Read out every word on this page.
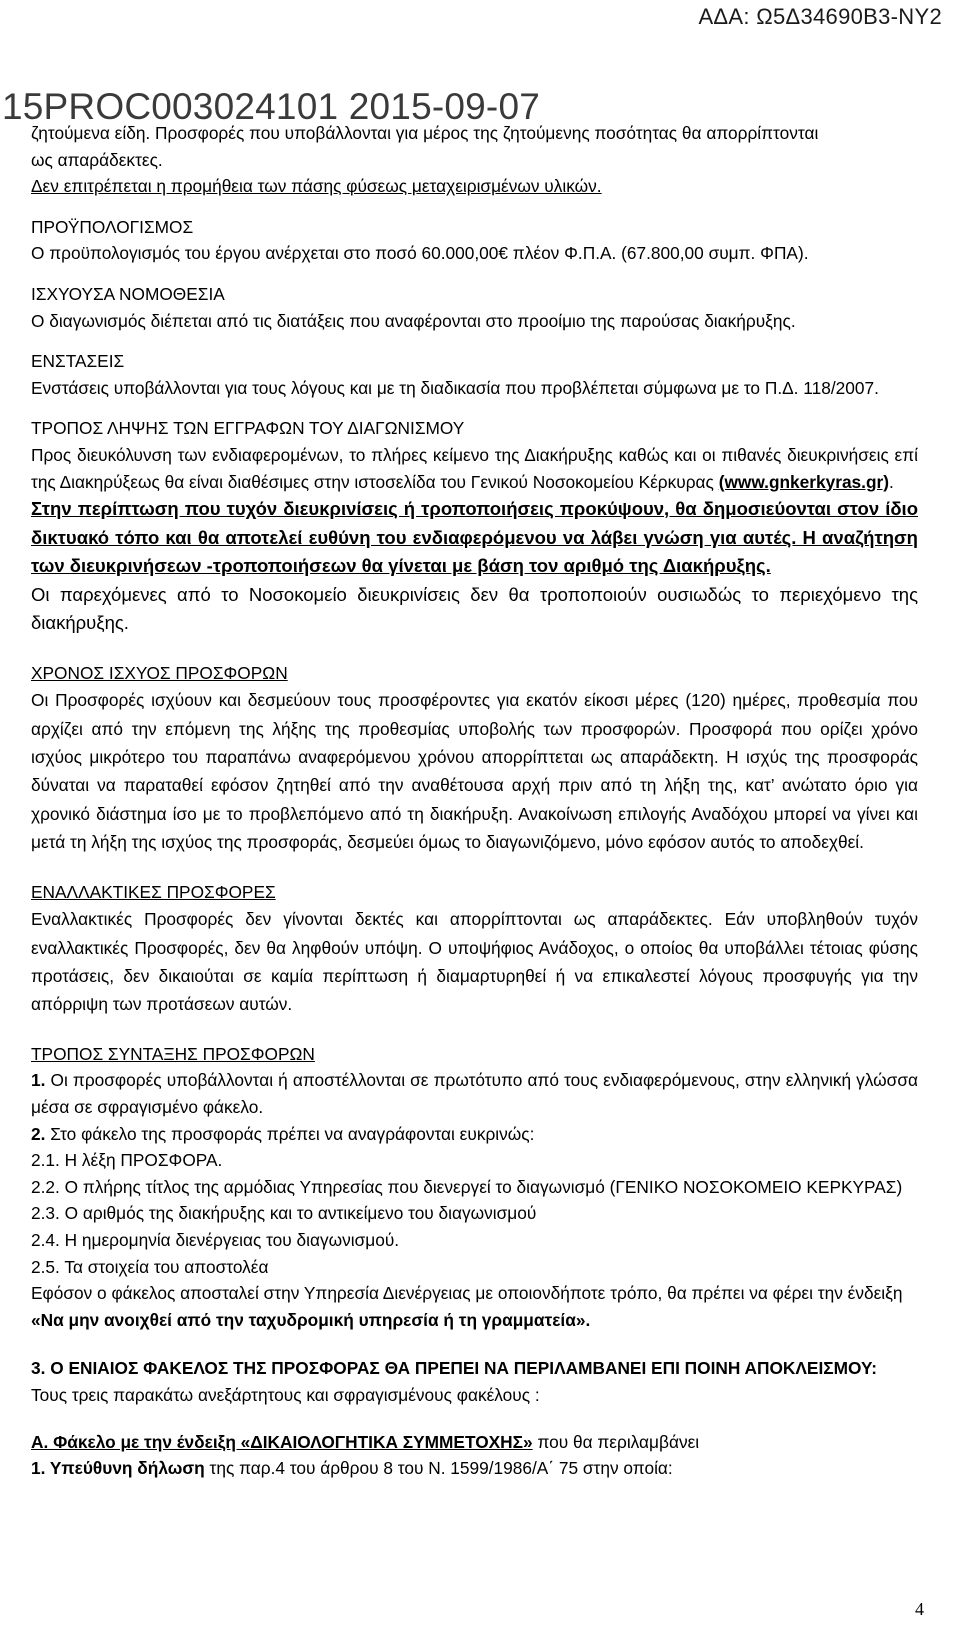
ΑΔΑ: Ω5Δ34690Β3-ΝΥ2
15PROC003024101 2015-09-07

ζητούμενα είδη. Προσφορές που υποβάλλονται για μέρος της ζητούμενης ποσότητας θα απορρίπτονται

ως απαράδεκτες.

Δεν επιτρέπεται η προμήθεια των πάσης φύσεως μεταχειρισμένων υλικών.

ΠΡΟΫΠΟΛΟΓΙΣΜΟΣ

Ο προϋπολογισμός του έργου ανέρχεται στο ποσό 60.000,00€ πλέον Φ.Π.Α. (67.800,00 συμπ. ΦΠΑ).

ΙΣΧΥΟΥΣΑ ΝΟΜΟΘΕΣΙΑ

Ο διαγωνισμός διέπεται από τις διατάξεις που αναφέρονται στο προοίμιο της παρούσας διακήρυξης.

ΕΝΣΤΑΣΕΙΣ

Ενστάσεις υποβάλλονται για τους λόγους και με τη διαδικασία που προβλέπεται σύμφωνα με το Π.Δ. 118/2007.

ΤΡΟΠΟΣ ΛΗΨΗΣ ΤΩΝ ΕΓΓΡΑΦΩΝ ΤΟΥ ΔΙΑΓΩΝΙΣΜΟΥ

Προς διευκόλυνση των ενδιαφερομένων, το πλήρες κείμενο της Διακήρυξης καθώς και οι πιθανές διευκρινήσεις επί της Διακηρύξεως θα είναι διαθέσιμες στην ιστοσελίδα του Γενικού Νοσοκομείου Κέρκυρας (www.gnkerkyras.gr).

Στην περίπτωση που τυχόν διευκρινίσεις ή τροποποιήσεις προκύψουν, θα δημοσιεύονται στον ίδιο δικτυακό τόπο και θα αποτελεί ευθύνη του ενδιαφερόμενου να λάβει γνώση για αυτές. Η αναζήτηση των διευκρινήσεων -τροποποιήσεων θα γίνεται με βάση τον αριθμό της Διακήρυξης.

Οι παρεχόμενες από το Νοσοκομείο διευκρινίσεις δεν θα τροποποιούν ουσιωδώς το περιεχόμενο της διακήρυξης.

ΧΡΟΝΟΣ ΙΣΧΥΟΣ ΠΡΟΣΦΟΡΩΝ

Οι Προσφορές ισχύουν και δεσμεύουν τους προσφέροντες για εκατόν είκοσι μέρες (120) ημέρες, προθεσμία που αρχίζει από την επόμενη της λήξης της προθεσμίας υποβολής των προσφορών. Προσφορά που ορίζει χρόνο ισχύος μικρότερο του παραπάνω αναφερόμενου χρόνου απορρίπτεται ως απαράδεκτη. Η ισχύς της προσφοράς δύναται να παραταθεί εφόσον ζητηθεί από την αναθέτουσα αρχή πριν από τη λήξη της, κατ’ ανώτατο όριο για χρονικό διάστημα ίσο με το προβλεπόμενο από τη διακήρυξη. Ανακοίνωση επιλογής Αναδόχου μπορεί να γίνει και μετά τη λήξη της ισχύος της προσφοράς, δεσμεύει όμως το διαγωνιζόμενο, μόνο εφόσον αυτός το αποδεχθεί.

ΕΝΑΛΛΑΚΤΙΚΕΣ ΠΡΟΣΦΟΡΕΣ

Εναλλακτικές Προσφορές δεν γίνονται δεκτές και απορρίπτονται ως απαράδεκτες. Εάν υποβληθούν τυχόν εναλλακτικές Προσφορές, δεν θα ληφθούν υπόψη. Ο υποψήφιος Ανάδοχος, ο οποίος θα υποβάλλει τέτοιας φύσης προτάσεις, δεν δικαιούται σε καμία περίπτωση ή διαμαρτυρηθεί ή να επικαλεστεί λόγους προσφυγής για την απόρριψη των προτάσεων αυτών.

ΤΡΟΠΟΣ ΣΥΝΤΑΞΗΣ ΠΡΟΣΦΟΡΩΝ

1. Οι προσφορές υποβάλλονται ή αποστέλλονται σε πρωτότυπο από τους ενδιαφερόμενους, στην ελληνική γλώσσα μέσα σε σφραγισμένο φάκελο.

2. Στο φάκελο της προσφοράς πρέπει να αναγράφονται ευκρινώς:

2.1. Η λέξη ΠΡΟΣΦΟΡΑ.

2.2. Ο πλήρης τίτλος της αρμόδιας Υπηρεσίας που διενεργεί το διαγωνισμό (ΓΕΝΙΚΟ ΝΟΣΟΚΟΜΕΙΟ ΚΕΡΚΥΡΑΣ)

2.3. Ο αριθμός της διακήρυξης και το αντικείμενο του διαγωνισμού

2.4. Η ημερομηνία διενέργειας του διαγωνισμού.

2.5. Τα στοιχεία του αποστολέα

Εφόσον ο φάκελος αποσταλεί στην Υπηρεσία Διενέργειας με οποιονδήποτε τρόπο, θα πρέπει να φέρει την ένδειξη

«Να μην ανοιχθεί από την ταχυδρομική υπηρεσία ή τη γραμματεία».

3. Ο ΕΝΙΑΙΟΣ ΦΑΚΕΛΟΣ ΤΗΣ ΠΡΟΣΦΟΡΑΣ ΘΑ ΠΡΕΠΕΙ ΝΑ ΠΕΡΙΛΑΜΒΑΝΕΙ ΕΠΙ ΠΟΙΝΗ ΑΠΟΚΛΕΙΣΜΟΥ:

Τους τρεις παρακάτω ανεξάρτητους και σφραγισμένους φακέλους :

Α. Φάκελο με την ένδειξη «ΔΙΚΑΙΟΛΟΓΗΤΙΚΑ ΣΥΜΜΕΤΟΧΗΣ» που θα περιλαμβάνει

1. Υπεύθυνη δήλωση της παρ.4 του άρθρου 8 του Ν. 1599/1986/Α΄ 75 στην οποία:

4
